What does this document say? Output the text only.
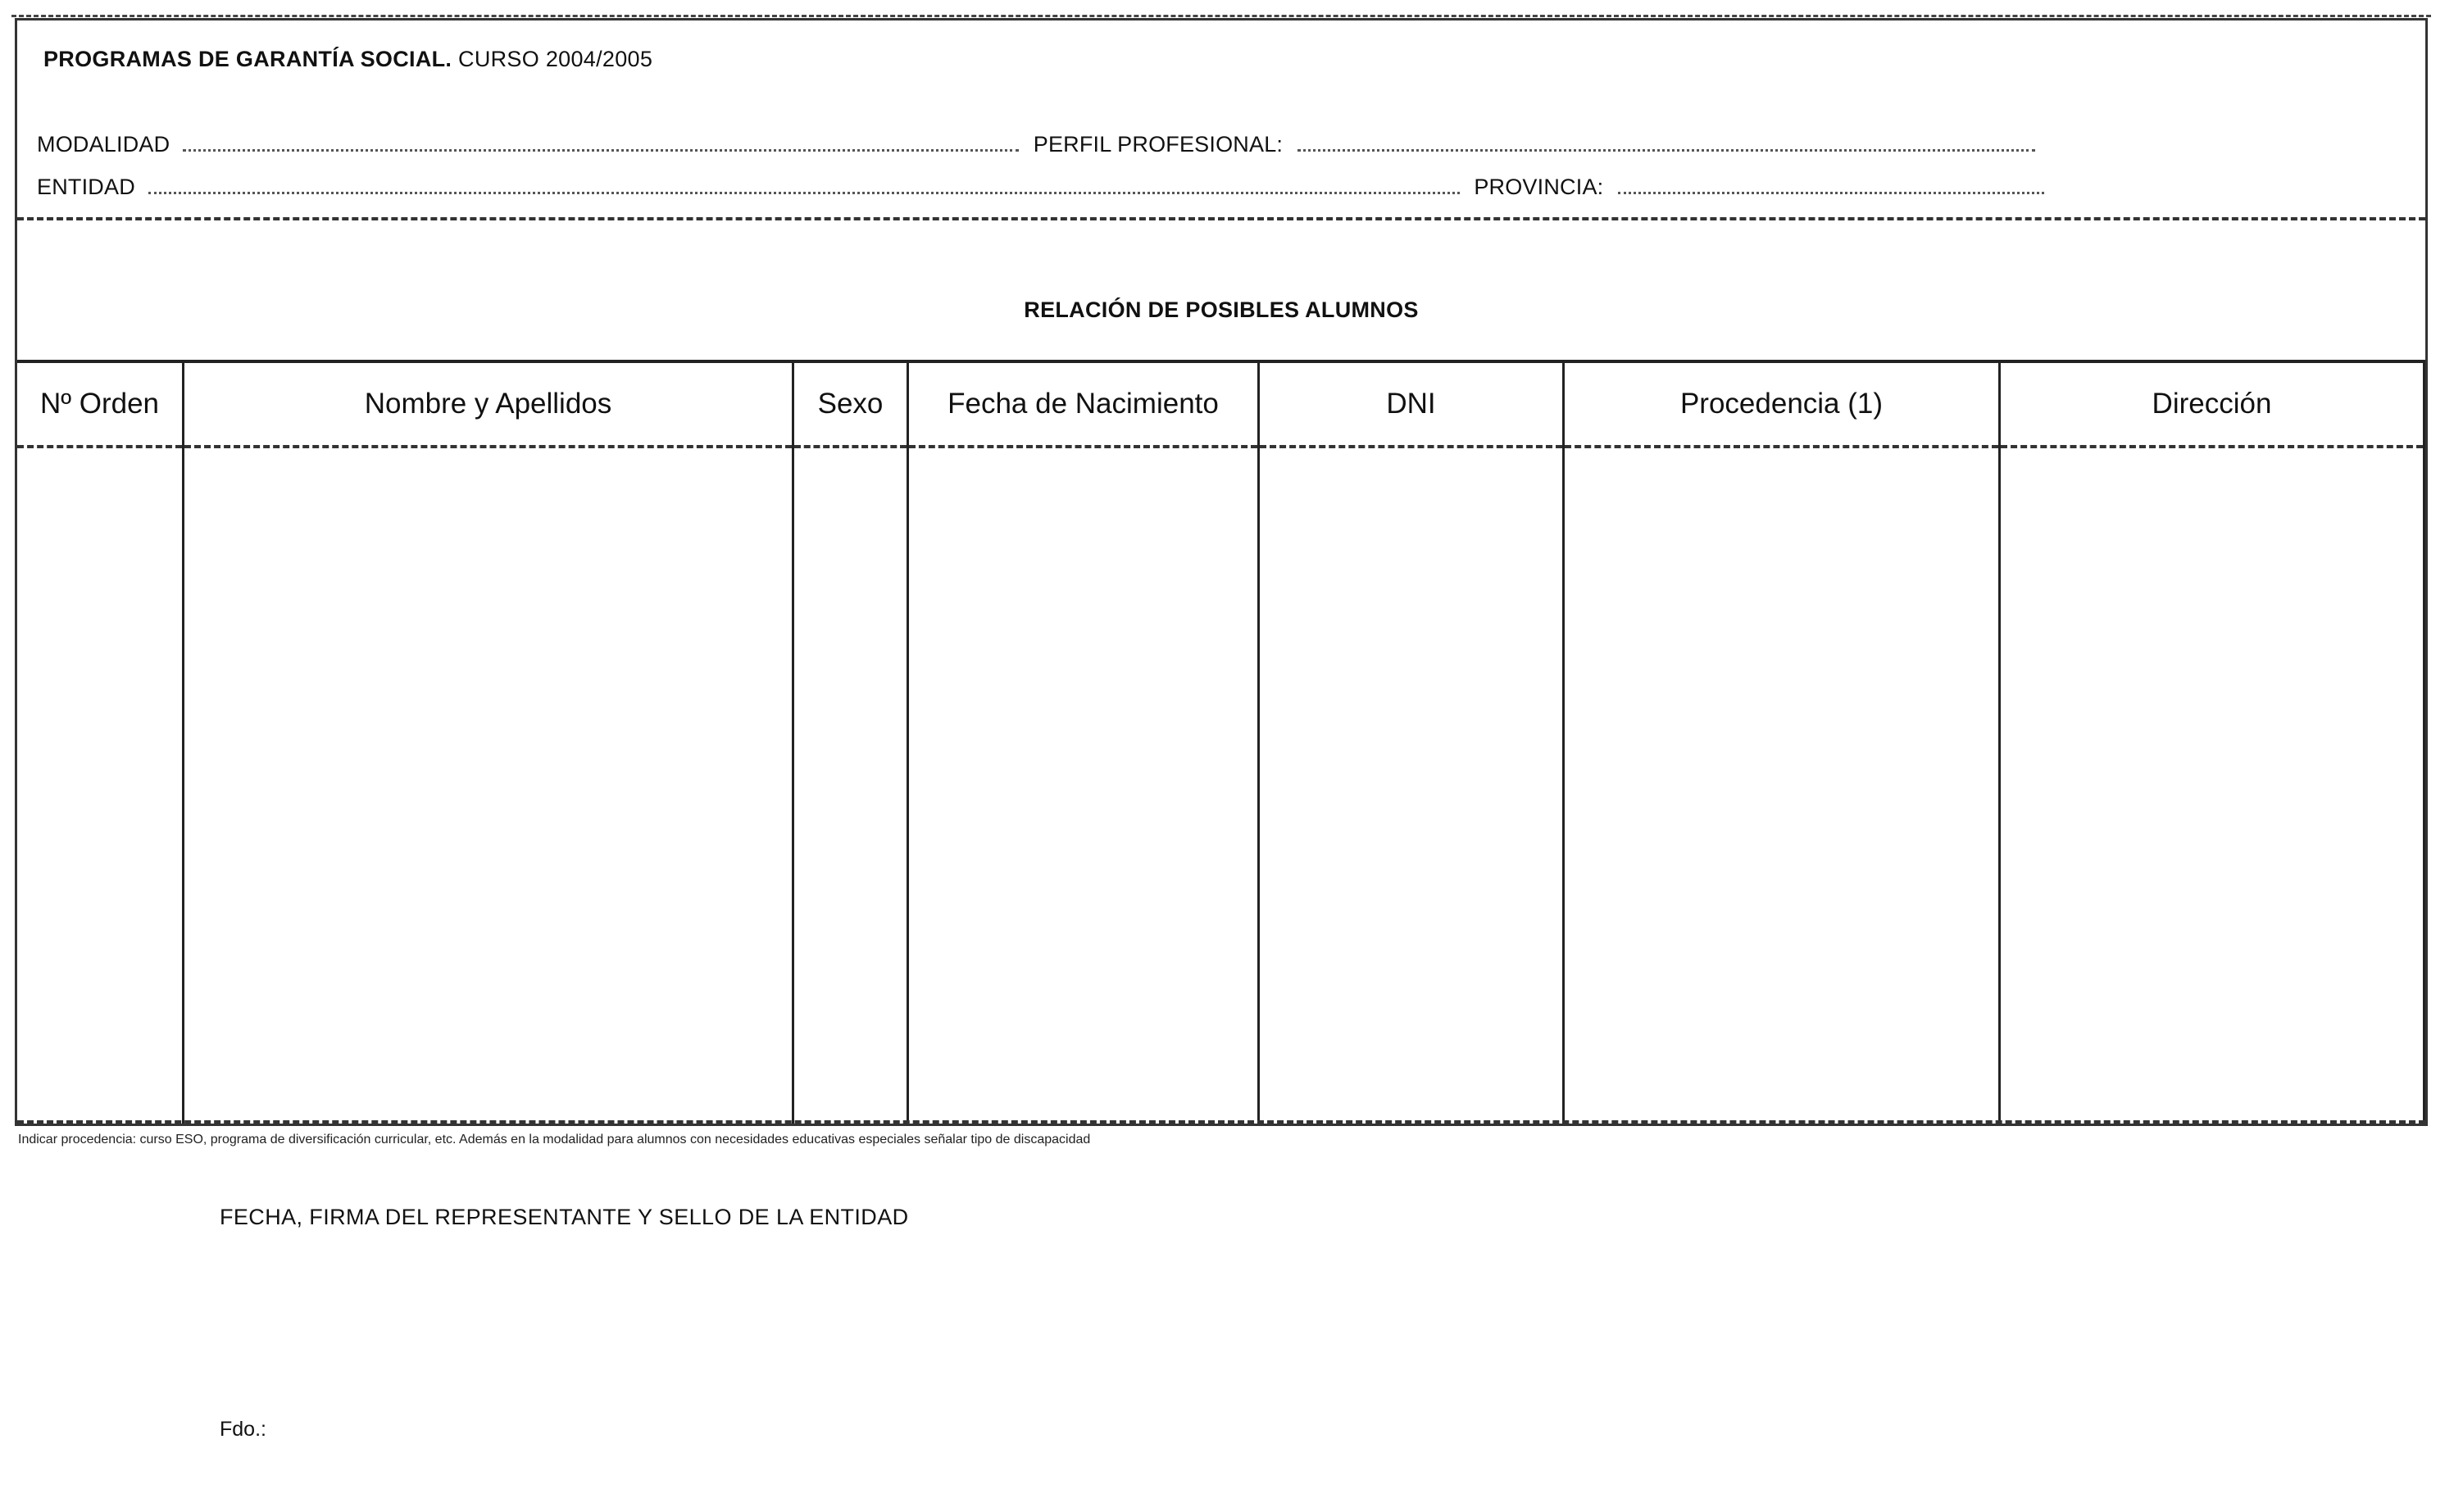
PROGRAMAS DE GARANTÍA SOCIAL. CURSO 2004/2005
MODALIDAD	PERFIL PROFESIONAL:
ENTIDAD	PROVINCIA:
RELACIÓN DE POSIBLES ALUMNOS
Nº Orden	Nombre y Apellidos	Sexo	Fecha de Nacimiento	DNI	Procedencia (1)	Dirección
Indicar procedencia: curso ESO, programa de diversificación curricular, etc. Además en la modalidad para alumnos con necesidades educativas especiales señalar tipo de discapacidad
FECHA, FIRMA DEL REPRESENTANTE Y SELLO DE LA ENTIDAD
Fdo.:
